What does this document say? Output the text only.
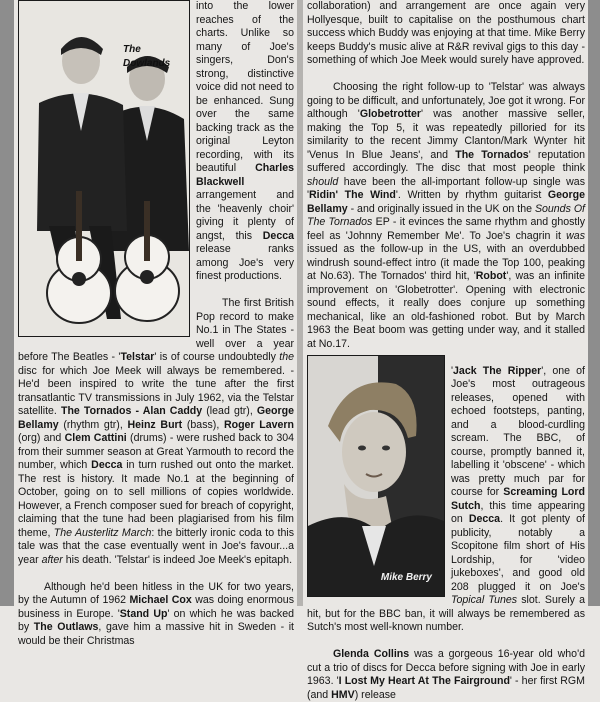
The Dowlands

into the lower reaches of the charts. Unlike so many of Joe's singers, Don's strong, distinctive voice did not need to be enhanced. Sung over the same backing track as the original Leyton recording, with its beautiful Charles Blackwell arrangement and the 'heavenly choir' giving it plenty of angst, this Decca release ranks among Joe's very finest productions.

The first British Pop record to make No.1 in The States - well over a year before The Beatles - 'Telstar' is of course undoubtedly the disc for which Joe Meek will always be remembered. - He'd been inspired to write the tune after the first transatlantic TV transmissions in July 1962, via the Telstar satellite. The Tornados - Alan Caddy (lead gtr), George Bellamy (rhythm gtr), Heinz Burt (bass), Roger Lavern (org) and Clem Cattini (drums) - were rushed back to 304 from their summer season at Great Yarmouth to record the number, which Decca in turn rushed out onto the market. The rest is history. It made No.1 at the beginning of October, going on to sell millions of copies worldwide. However, a French composer sued for breach of copyright, claiming that the tune had been plagiarised from his film theme, The Austerlitz March: the bitterly ironic coda to this tale was that the case eventually went in Joe's favour...a year after his death. 'Telstar' is indeed Joe Meek's epitaph.

Although he'd been hitless in the UK for two years, by the Autumn of 1962 Michael Cox was doing enormous business in Europe. 'Stand Up' on which he was backed by The Outlaws, gave him a massive hit in Sweden - it would be their Christmas

collaboration) and arrangement are once again very Hollyesque, built to capitalise on the posthumous chart success which Buddy was enjoying at that time. Mike Berry keeps Buddy's music alive at R&R revival gigs to this day - something of which Joe Meek would surely have approved.

Choosing the right follow-up to 'Telstar' was always going to be difficult, and unfortunately, Joe got it wrong. For although 'Globetrotter' was another massive seller, making the Top 5, it was repeatedly pilloried for its similarity to the recent Jimmy Clanton/Mark Wynter hit 'Venus In Blue Jeans', and The Tornados' reputation suffered accordingly. The disc that most people think should have been the all-important follow-up single was 'Ridin' The Wind'. Written by rhythm guitarist George Bellamy - and originally issued in the UK on the Sounds Of The Tornados EP - it evinces the same rhythm and ghostly feel as 'Johnny Remember Me'. To Joe's chagrin it was issued as the follow-up in the US, with an overdubbed windrush sound-effect intro (it made the Top 100, peaking at No.63). The Tornados' third hit, 'Robot', was an infinite improvement on 'Globetrotter'. Opening with electronic sound effects, it really does conjure up something mechanical, like an old-fashioned robot. But by March 1963 the Beat boom was getting under way, and it stalled at No.17.

Mike Berry

'Jack The Ripper', one of Joe's most outrageous releases, opened with echoed footsteps, panting, and a blood-curdling scream. The BBC, of course, promptly banned it, labelling it 'obscene' - which was pretty much par for course for Screaming Lord Sutch, this time appearing on Decca. It got plenty of publicity, notably a Scopitone film short of His Lordship, for 'video jukeboxes', and good old 208 plugged it on Joe's Topical Tunes slot. Surely a hit, but for the BBC ban, it will always be remembered as Sutch's most well-known number.

Glenda Collins was a gorgeous 16-year old who'd cut a trio of discs for Decca before signing with Joe in early 1963. 'I Lost My Heart At The Fairground' - her first RGM (and HMV) release
